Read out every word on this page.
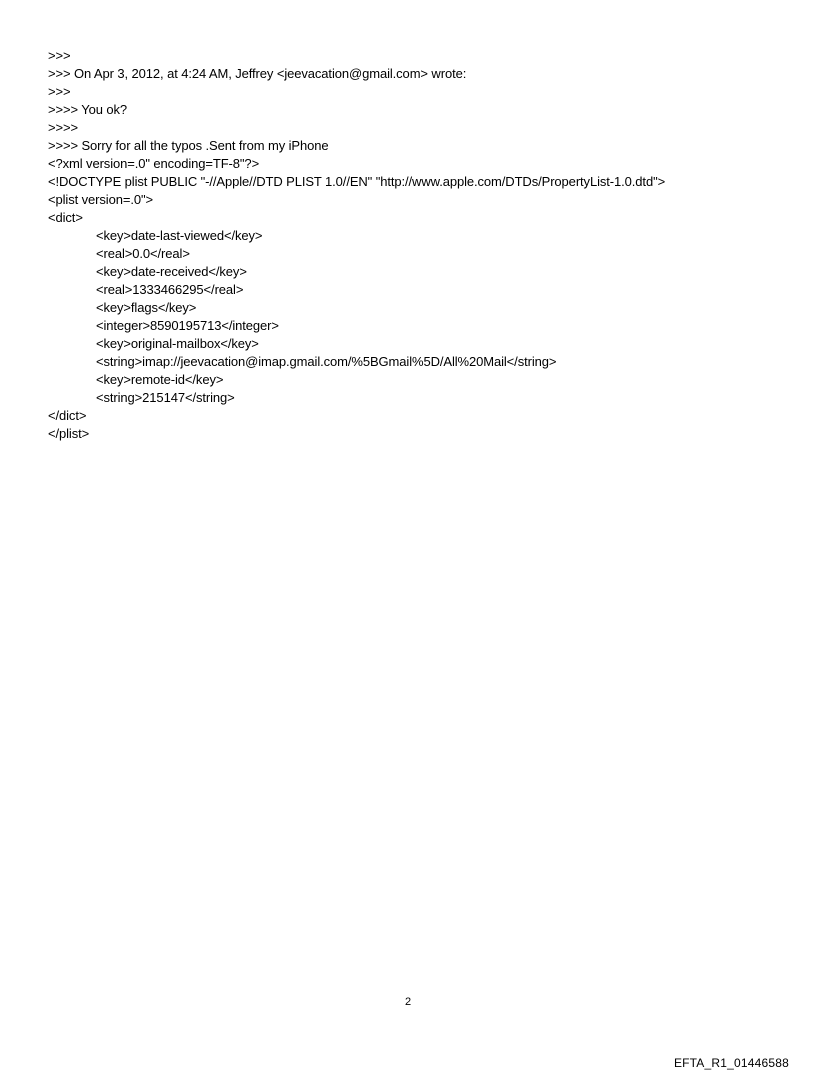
>>>
>>> On Apr 3, 2012, at 4:24 AM, Jeffrey <jeevacation@gmail.com> wrote:
>>>
>>>> You ok?
>>>>
>>>> Sorry for all the typos .Sent from my iPhone
<?xml version=.0" encoding=TF-8"?>
<!DOCTYPE plist PUBLIC "-//Apple//DTD PLIST 1.0//EN" "http://www.apple.com/DTDs/PropertyList-1.0.dtd">
<plist version=.0">
<dict>
<key>date-last-viewed</key>
<real>0.0</real>
<key>date-received</key>
<real>1333466295</real>
<key>flags</key>
<integer>8590195713</integer>
<key>original-mailbox</key>
<string>imap://jeevacation@imap.gmail.com/%5BGmail%5D/All%20Mail</string>
<key>remote-id</key>
<string>215147</string>
</dict>
</plist>
2
EFTA_R1_01446588
